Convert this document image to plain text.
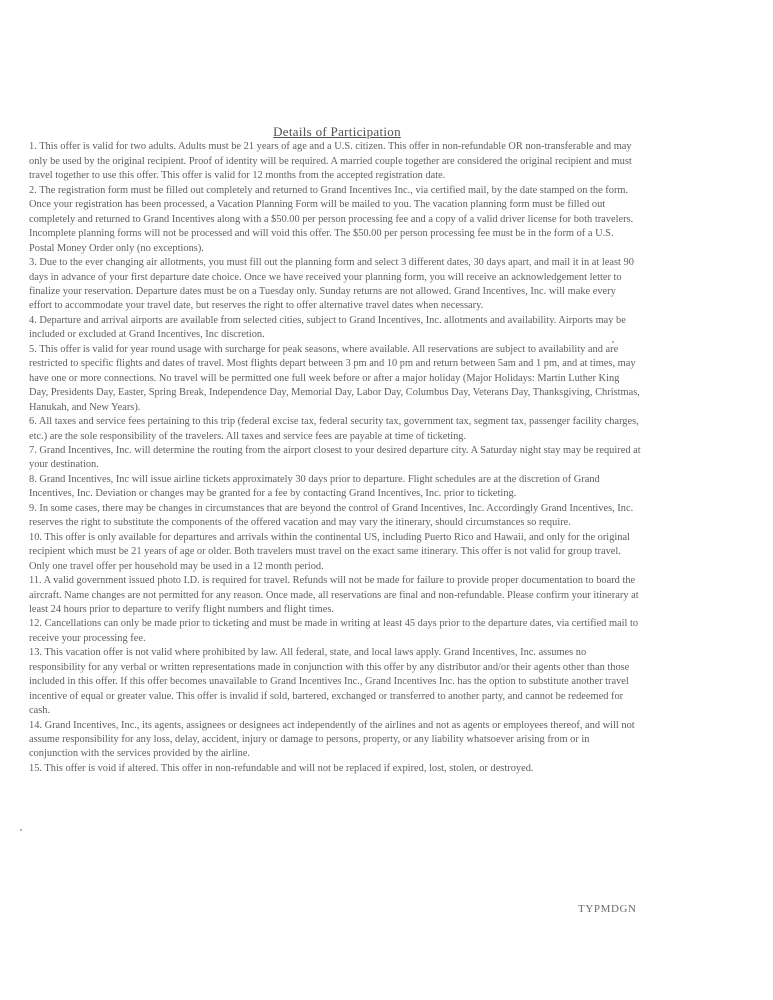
Details of Participation

1. This offer is valid for two adults. Adults must be 21 years of age and a U.S. citizen. This offer in non-refundable OR non-transferable and may only be used by the original recipient. Proof of identity will be required. A married couple together are considered the original recipient and must travel together to use this offer. This offer is valid for 12 months from the accepted registration date.

2. The registration form must be filled out completely and returned to Grand Incentives Inc., via certified mail, by the date stamped on the form. Once your registration has been processed, a Vacation Planning Form will be mailed to you. The vacation planning form must be filled out completely and returned to Grand Incentives along with a $50.00 per person processing fee and a copy of a valid driver license for both travelers. Incomplete planning forms will not be processed and will void this offer. The $50.00 per person processing fee must be in the form of a U.S. Postal Money Order only (no exceptions).

3. Due to the ever changing air allotments, you must fill out the planning form and select 3 different dates, 30 days apart, and mail it in at least 90 days in advance of your first departure date choice. Once we have received your planning form, you will receive an acknowledgement letter to finalize your reservation. Departure dates must be on a Tuesday only. Sunday returns are not allowed. Grand Incentives, Inc. will make every effort to accommodate your travel date, but reserves the right to offer alternative travel dates when necessary.

4. Departure and arrival airports are available from selected cities, subject to Grand Incentives, Inc. allotments and availability. Airports may be included or excluded at Grand Incentives, Inc discretion.

5. This offer is valid for year round usage with surcharge for peak seasons, where available. All reservations are subject to availability and are restricted to specific flights and dates of travel. Most flights depart between 3 pm and 10 pm and return between 5am and 1 pm, and at times, may have one or more connections. No travel will be permitted one full week before or after a major holiday (Major Holidays: Martin Luther King Day, Presidents Day, Easter, Spring Break, Independence Day, Memorial Day, Labor Day, Columbus Day, Veterans Day, Thanksgiving, Christmas, Hanukah, and New Years).

6. All taxes and service fees pertaining to this trip (federal excise tax, federal security tax, government tax, segment tax, passenger facility charges, etc.) are the sole responsibility of the travelers. All taxes and service fees are payable at time of ticketing.

7. Grand Incentives, Inc. will determine the routing from the airport closest to your desired departure city. A Saturday night stay may be required at your destination.

8. Grand Incentives, Inc will issue airline tickets approximately 30 days prior to departure. Flight schedules are at the discretion of Grand Incentives, Inc. Deviation or changes may be granted for a fee by contacting Grand Incentives, Inc. prior to ticketing.

9. In some cases, there may be changes in circumstances that are beyond the control of Grand Incentives, Inc. Accordingly Grand Incentives, Inc. reserves the right to substitute the components of the offered vacation and may vary the itinerary, should circumstances so require.

10. This offer is only available for departures and arrivals within the continental US, including Puerto Rico and Hawaii, and only for the original recipient which must be 21 years of age or older. Both travelers must travel on the exact same itinerary. This offer is not valid for group travel. Only one travel offer per household may be used in a 12 month period.

11. A valid government issued photo I.D. is required for travel. Refunds will not be made for failure to provide proper documentation to board the aircraft. Name changes are not permitted for any reason. Once made, all reservations are final and non-refundable. Please confirm your itinerary at least 24 hours prior to departure to verify flight numbers and flight times.

12. Cancellations can only be made prior to ticketing and must be made in writing at least 45 days prior to the departure dates, via certified mail to receive your processing fee.

13. This vacation offer is not valid where prohibited by law. All federal, state, and local laws apply. Grand Incentives, Inc. assumes no responsibility for any verbal or written representations made in conjunction with this offer by any distributor and/or their agents other than those included in this offer. If this offer becomes unavailable to Grand Incentives Inc., Grand Incentives Inc. has the option to substitute another travel incentive of equal or greater value. This offer is invalid if sold, bartered, exchanged or transferred to another party, and cannot be redeemed for cash.

14. Grand Incentives, Inc., its agents, assignees or designees act independently of the airlines and not as agents or employees thereof, and will not assume responsibility for any loss, delay, accident, injury or damage to persons, property, or any liability whatsoever arising from or in conjunction with the services provided by the airline.

15. This offer is void if altered. This offer in non-refundable and will not be replaced if expired, lost, stolen, or destroyed.

TYPMDGN
